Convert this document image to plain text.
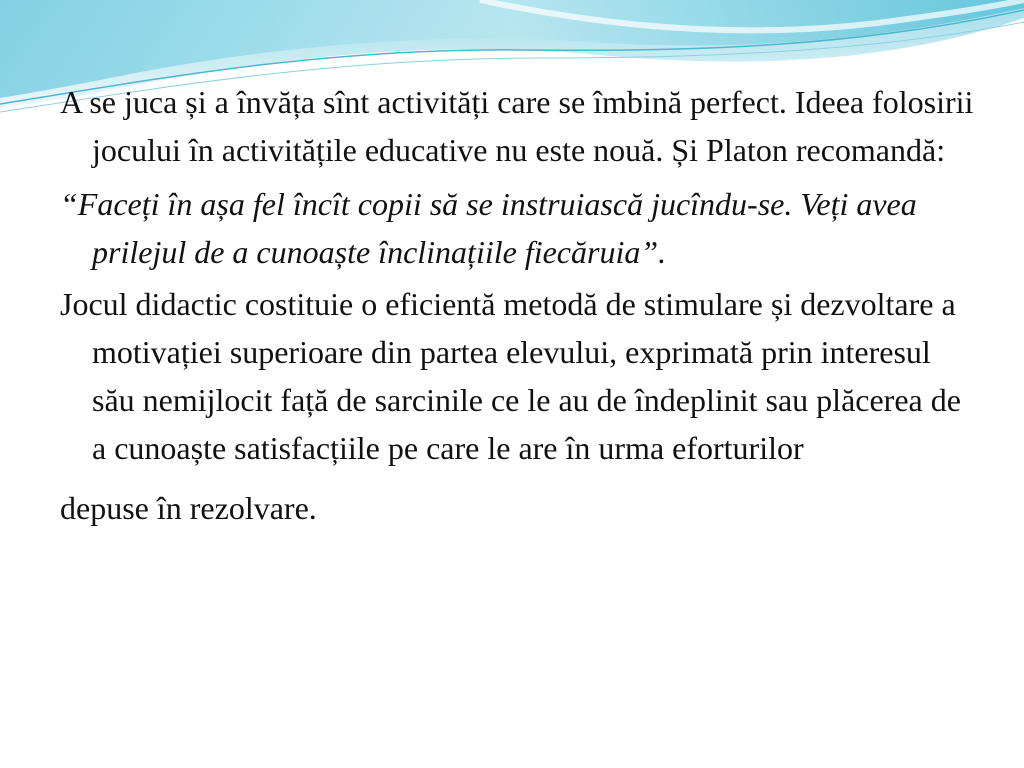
A se juca și a învăța sînt activități care se îmbină perfect. Ideea folosirii jocului în activitățile educative nu este nouă. Și Platon recomandă:

“Faceți în așa fel încît copii să se instruiască jucîndu-se. Veți avea prilejul de a cunoaște înclinațiile fiecăruia”.

Jocul didactic costituie o eficientă metodă de stimulare și dezvoltare a motivației superioare din partea elevului, exprimată prin interesul său nemijlocit față de sarcinile ce le au de îndeplinit sau plăcerea de a cunoaște satisfacțiile pe care le are în urma eforturilor
depuse în rezolvare.
